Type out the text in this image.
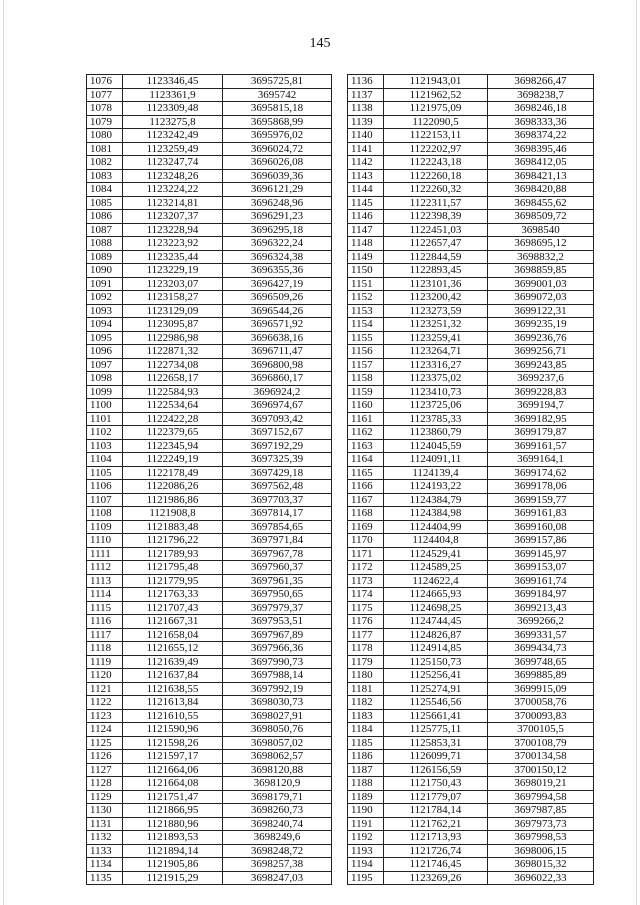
145
1076	1123346,45	3695725,81
1077	1123361,9	3695742
1078	1123309,48	3695815,18
1079	1123275,8	3695868,99
1080	1123242,49	3695976,02
1081	1123259,49	3696024,72
1082	1123247,74	3696026,08
1083	1123248,26	3696039,36
1084	1123224,22	3696121,29
1085	1123214,81	3696248,96
1086	1123207,37	3696291,23
1087	1123228,94	3696295,18
1088	1123223,92	3696322,24
1089	1123235,44	3696324,38
1090	1123229,19	3696355,36
1091	1123203,07	3696427,19
1092	1123158,27	3696509,26
1093	1123129,09	3696544,26
1094	1123095,87	3696571,92
1095	1122986,98	3696638,16
1096	1122871,32	3696711,47
1097	1122734,08	3696800,98
1098	1122658,17	3696860,17
1099	1122584,93	3696924,2
1100	1122534,64	3696974,67
1101	1122422,28	3697093,42
1102	1122379,65	3697152,67
1103	1122345,94	3697192,29
1104	1122249,19	3697325,39
1105	1122178,49	3697429,18
1106	1122086,26	3697562,48
1107	1121986,86	3697703,37
1108	1121908,8	3697814,17
1109	1121883,48	3697854,65
1110	1121796,22	3697971,84
1111	1121789,93	3697967,78
1112	1121795,48	3697960,37
1113	1121779,95	3697961,35
1114	1121763,33	3697950,65
1115	1121707,43	3697979,37
1116	1121667,31	3697953,51
1117	1121658,04	3697967,89
1118	1121655,12	3697966,36
1119	1121639,49	3697990,73
1120	1121637,84	3697988,14
1121	1121638,55	3697992,19
1122	1121613,84	3698030,73
1123	1121610,55	3698027,91
1124	1121590,96	3698050,76
1125	1121598,26	3698057,02
1126	1121597,17	3698062,57
1127	1121664,06	3698120,88
1128	1121664,08	3698120,9
1129	1121751,47	3698179,71
1130	1121866,95	3698260,73
1131	1121880,96	3698240,74
1132	1121893,53	3698249,6
1133	1121894,14	3698248,72
1134	1121905,86	3698257,38
1135	1121915,29	3698247,03
1136	1121943,01	3698266,47
1137	1121962,52	3698238,7
1138	1121975,09	3698246,18
1139	1122090,5	3698333,36
1140	1122153,11	3698374,22
1141	1122202,97	3698395,46
1142	1122243,18	3698412,05
1143	1122260,18	3698421,13
1144	1122260,32	3698420,88
1145	1122311,57	3698455,62
1146	1122398,39	3698509,72
1147	1122451,03	3698540
1148	1122657,47	3698695,12
1149	1122844,59	3698832,2
1150	1122893,45	3698859,85
1151	1123101,36	3699001,03
1152	1123200,42	3699072,03
1153	1123273,59	3699122,31
1154	1123251,32	3699235,19
1155	1123259,41	3699236,76
1156	1123264,71	3699256,71
1157	1123316,27	3699243,85
1158	1123375,02	3699237,6
1159	1123410,73	3699228,83
1160	1123725,06	3699194,7
1161	1123785,33	3699182,95
1162	1123860,79	3699179,87
1163	1124045,59	3699161,57
1164	1124091,11	3699164,1
1165	1124139,4	3699174,62
1166	1124193,22	3699178,06
1167	1124384,79	3699159,77
1168	1124384,98	3699161,83
1169	1124404,99	3699160,08
1170	1124404,8	3699157,86
1171	1124529,41	3699145,97
1172	1124589,25	3699153,07
1173	1124622,4	3699161,74
1174	1124665,93	3699184,97
1175	1124698,25	3699213,43
1176	1124744,45	3699266,2
1177	1124826,87	3699331,57
1178	1124914,85	3699434,73
1179	1125150,73	3699748,65
1180	1125256,41	3699885,89
1181	1125274,91	3699915,09
1182	1125546,56	3700058,76
1183	1125661,41	3700093,83
1184	1125775,11	3700105,5
1185	1125853,31	3700108,79
1186	1126099,71	3700134,58
1187	1126156,59	3700150,12
1188	1121750,43	3698019,21
1189	1121779,07	3697994,58
1190	1121784,14	3697987,85
1191	1121762,21	3697973,73
1192	1121713,93	3697998,53
1193	1121726,74	3698006,15
1194	1121746,45	3698015,32
1195	1123269,26	3696022,33
